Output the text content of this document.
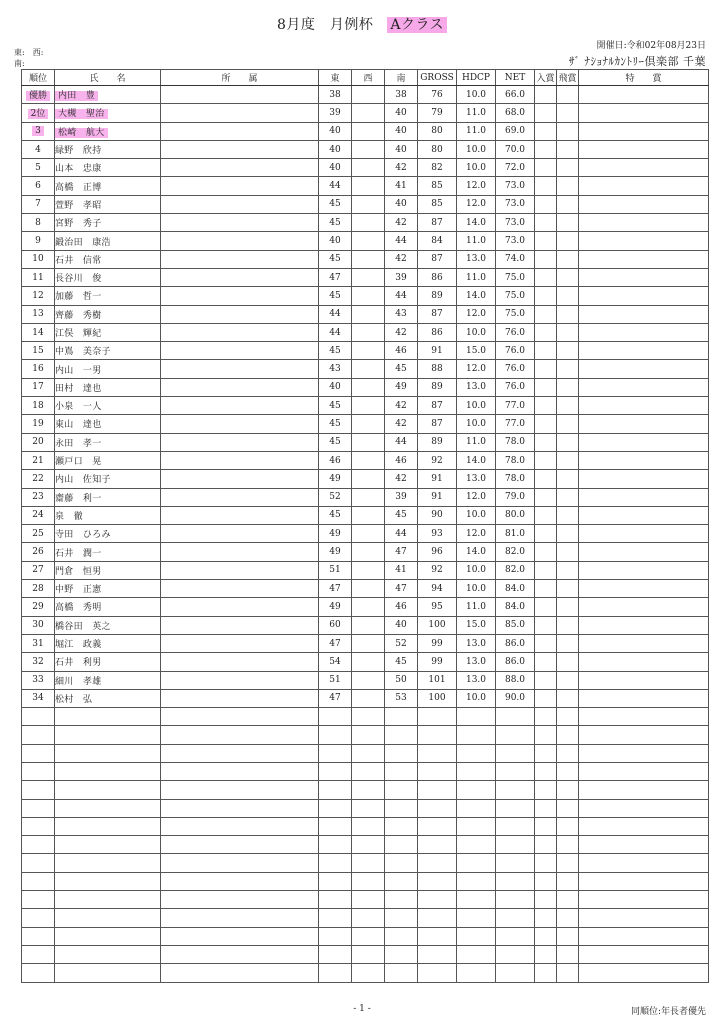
8月度　月例杯 Aクラス
東:　西:
南:
開催日:令和02年08月23日
ｻﾞ ﾅｼｮﾅﾙｶﾝﾄﾘｰ倶楽部 千葉
順位	氏　　名	所　　属	東	西	南	GROSS	HDCP	NET	入賞	飛賞	特　　賞
優勝	内田　豊		38		38	76	10.0	66.0			
2位	大槻　聖治		39		40	79	11.0	68.0			
3	松崎　航大		40		40	80	11.0	69.0			
4	緑野　欣持		40		40	80	10.0	70.0			
5	山本　忠康		40		42	82	10.0	72.0			
6	高橋　正博		44		41	85	12.0	73.0			
7	萱野　孝昭		45		40	85	12.0	73.0			
8	宮野　秀子		45		42	87	14.0	73.0			
9	鍛治田　康浩		40		44	84	11.0	73.0			
10	石井　信常		45		42	87	13.0	74.0			
11	長谷川　俊		47		39	86	11.0	75.0			
12	加藤　哲一		45		44	89	14.0	75.0			
13	齊藤　秀樹		44		43	87	12.0	75.0			
14	江俣　輝紀		44		42	86	10.0	76.0			
15	中嶌　美奈子		45		46	91	15.0	76.0			
16	内山　一男		43		45	88	12.0	76.0			
17	田村　達也		40		49	89	13.0	76.0			
18	小泉　一人		45		42	87	10.0	77.0			
19	東山　達也		45		42	87	10.0	77.0			
20	永田　孝一		45		44	89	11.0	78.0			
21	瀬戸口　晃		46		46	92	14.0	78.0			
22	内山　佐知子		49		42	91	13.0	78.0			
23	齋藤　利一		52		39	91	12.0	79.0			
24	泉　徹		45		45	90	10.0	80.0			
25	寺田　ひろみ		49		44	93	12.0	81.0			
26	石井　潤一		49		47	96	14.0	82.0			
27	門倉　恒男		51		41	92	10.0	82.0			
28	中野　正憲		47		47	94	10.0	84.0			
29	高橋　秀明		49		46	95	11.0	84.0			
30	橋谷田　英之		60		40	100	15.0	85.0			
31	堀江　政義		47		52	99	13.0	86.0			
32	石井　利男		54		45	99	13.0	86.0			
33	細川　孝雄		51		50	101	13.0	88.0			
34	松村　弘		47		53	100	10.0	90.0			

- 1 -	同順位:年長者優先
